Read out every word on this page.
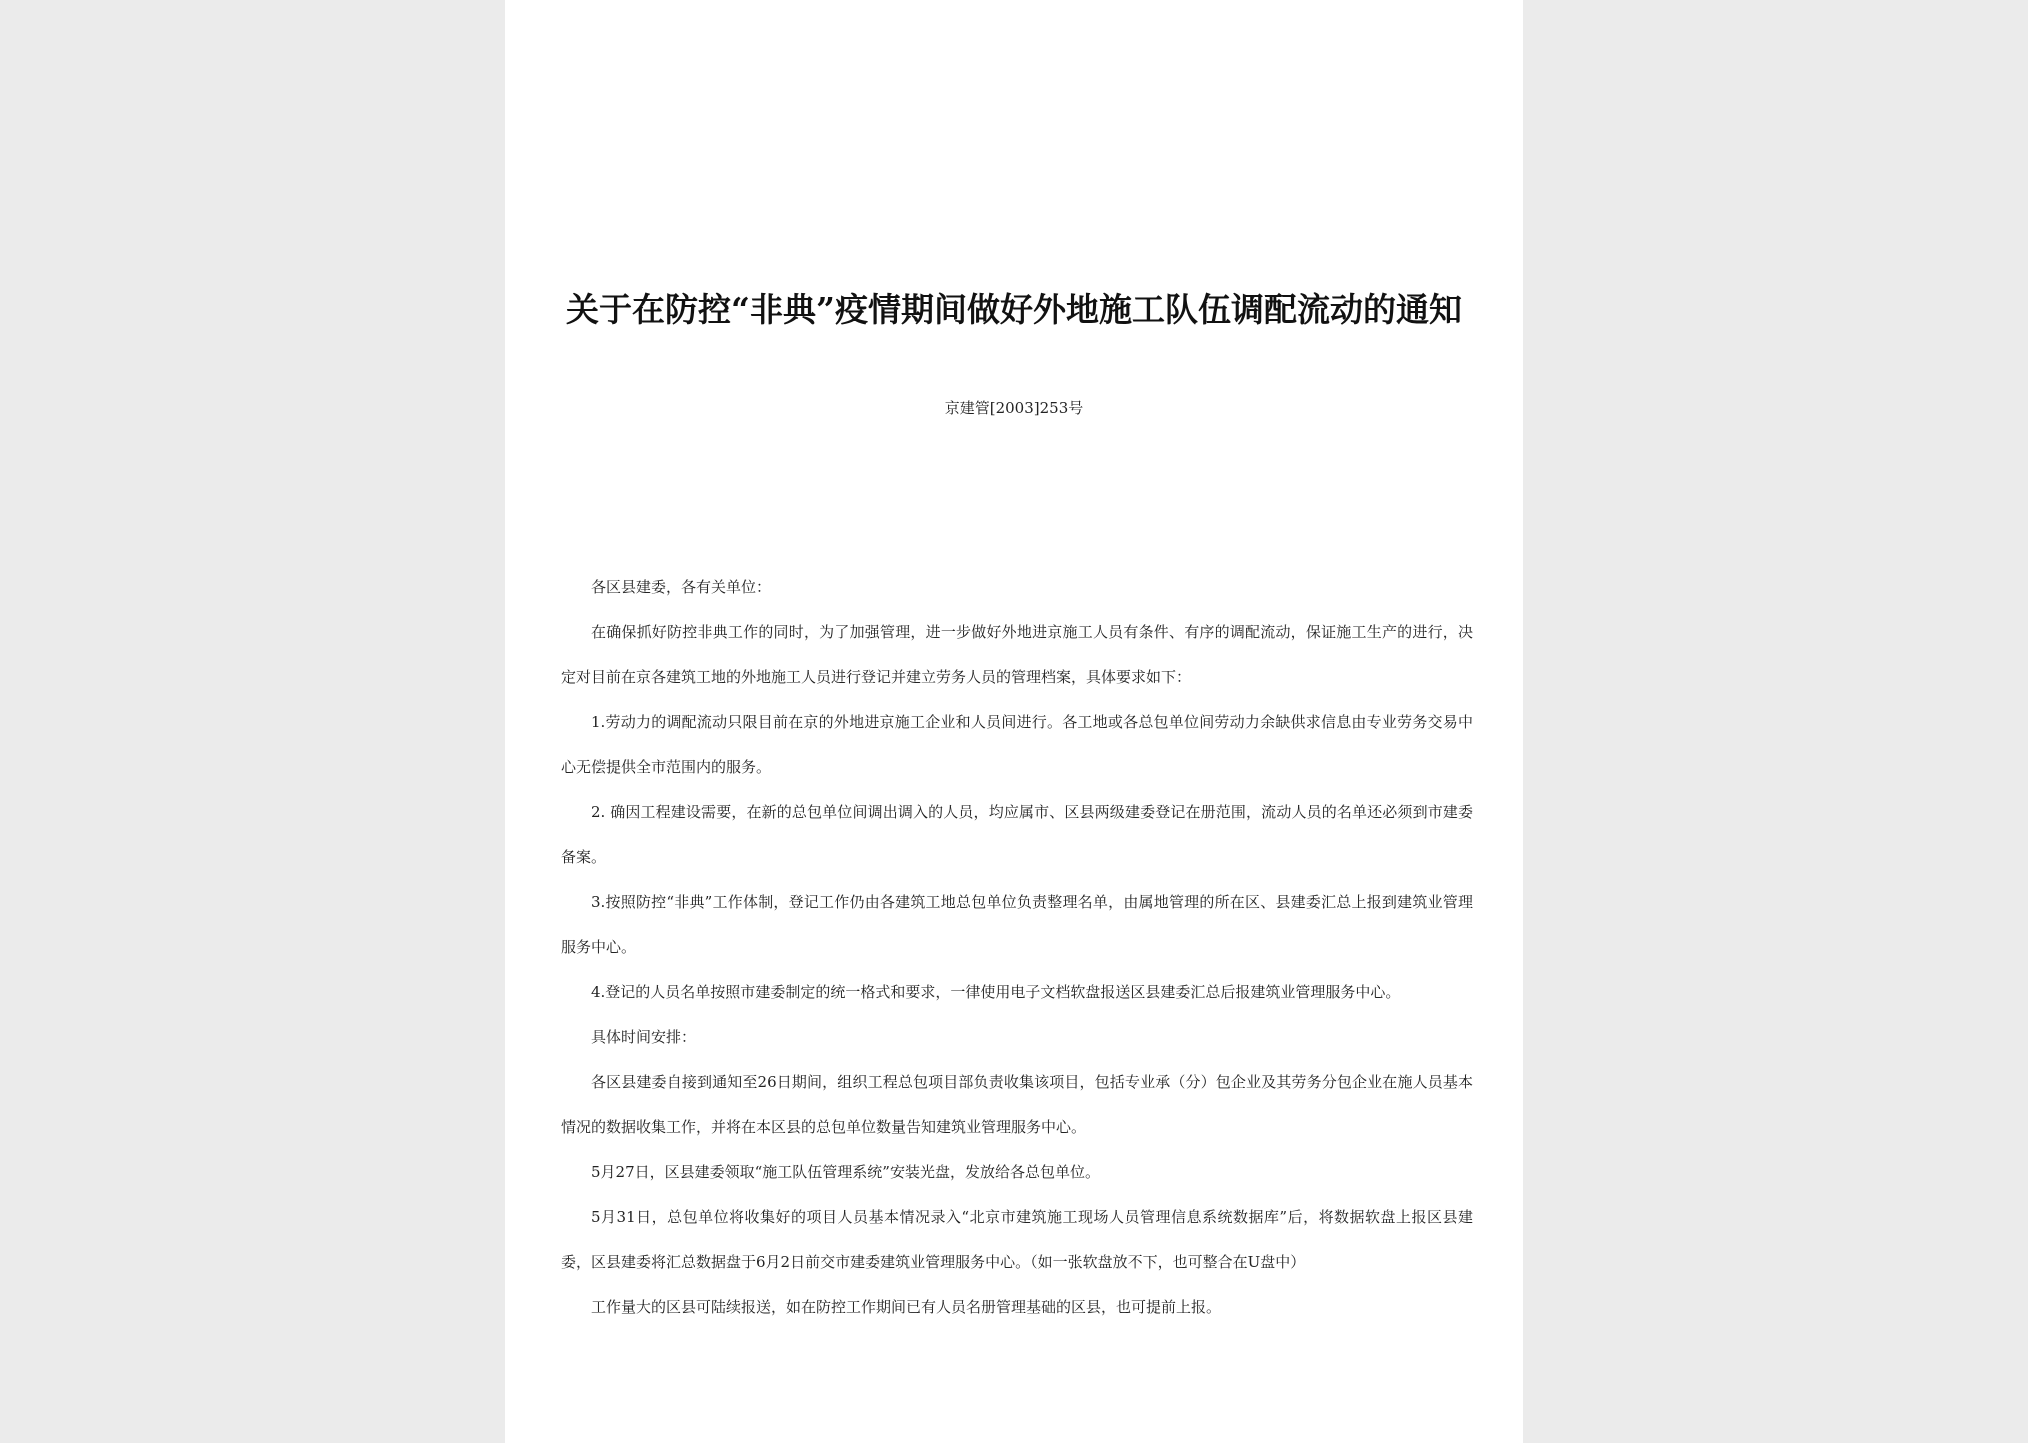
关于在防控“非典”疫情期间做好外地施工队伍调配流动的通知
京建管[2003]253号

各区县建委，各有关单位：

在确保抓好防控非典工作的同时，为了加强管理，进一步做好外地进京施工人员有条件、有序的调配流动，保证施工生产的进行，决定对目前在京各建筑工地的外地施工人员进行登记并建立劳务人员的管理档案，具体要求如下：

1.劳动力的调配流动只限目前在京的外地进京施工企业和人员间进行。各工地或各总包单位间劳动力余缺供求信息由专业劳务交易中心无偿提供全市范围内的服务。

2. 确因工程建设需要，在新的总包单位间调出调入的人员，均应属市、区县两级建委登记在册范围，流动人员的名单还必须到市建委备案。

3.按照防控“非典”工作体制，登记工作仍由各建筑工地总包单位负责整理名单，由属地管理的所在区、县建委汇总上报到建筑业管理服务中心。

4.登记的人员名单按照市建委制定的统一格式和要求，一律使用电子文档软盘报送区县建委汇总后报建筑业管理服务中心。

具体时间安排：

各区县建委自接到通知至26日期间，组织工程总包项目部负责收集该项目，包括专业承（分）包企业及其劳务分包企业在施人员基本情况的数据收集工作，并将在本区县的总包单位数量告知建筑业管理服务中心。

5月27日，区县建委领取“施工队伍管理系统”安装光盘，发放给各总包单位。

5月31日，总包单位将收集好的项目人员基本情况录入“北京市建筑施工现场人员管理信息系统数据库”后，将数据软盘上报区县建委，区县建委将汇总数据盘于6月2日前交市建委建筑业管理服务中心。（如一张软盘放不下，也可整合在U盘中）

工作量大的区县可陆续报送，如在防控工作期间已有人员名册管理基础的区县，也可提前上报。
